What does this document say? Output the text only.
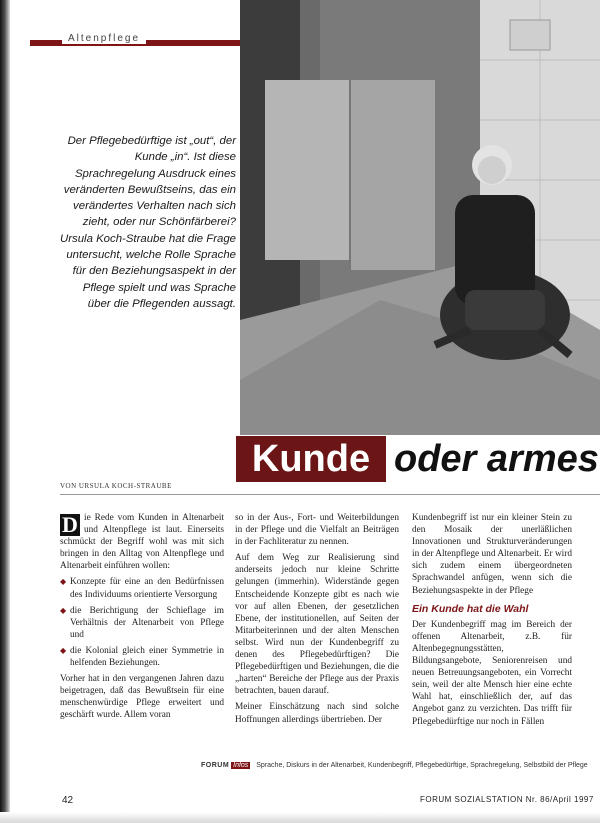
Altenpflege
Der Pflegebedürftige ist „out“, der Kunde „in“. Ist diese Sprachregelung Ausdruck eines veränderten Bewußtseins, das ein verändertes Verhalten nach sich zieht, oder nur Schönfärberei? Ursula Koch-Straube hat die Frage untersucht, welche Rolle Sprache für den Beziehungsaspekt in der Pflege spielt und was Sprache über die Pflegenden aussagt.
Kunde oder armes
VON URSULA KOCH-STRAUBE

D ie Rede vom Kunden in Altenarbeit und Altenpflege ist laut. Einerseits schmückt der Begriff wohl was mit sich bringen in den Alltag von Altenpflege und Altenarbeit einführen wollen:

◆ Konzepte für eine an den Bedürfnissen des Individuums orientierte Versorgung

◆ die Berichtigung der Schieflage im Verhältnis der Altenarbeit von Pflege und

◆ die Kolonial gleich einer Symmetrie in helfenden Beziehungen.

Vorher hat in den vergangenen Jahren dazu beigetragen, daß das Bewußtsein für eine menschenwürdige Pflege erweitert und geschärft wurde. Allem voran

so in der Aus-, Fort- und Weiterbildungen in der Pflege und die Vielfalt an Beiträgen in der Fachliteratur zu nennen.

Auf dem Weg zur Realisierung sind anderseits jedoch nur kleine Schritte gelungen (immerhin). Widerstände gegen Entscheidende Konzepte gibt es nach wie vor auf allen Ebenen, der gesetzlichen Ebene, der institutionellen, auf Seiten der Mitarbeiterinnen und der alten Menschen selbst. Wird nun der Kundenbegriff zu denen des Pflegebedürftigen? Die Pflegebedürftigen und Beziehungen, die die „harten“ Bereiche der Pflege aus der Praxis betrachten, bauen darauf.

Meiner Einschätzung nach sind solche Hoffnungen allerdings übertrieben. Der

Kundenbegriff ist nur ein kleiner Stein zu den Mosaik der unerläßlichen Innovationen und Strukturveränderungen in der Altenpflege und Altenarbeit. Er wird sich zudem einem übergeordneten Sprachwandel anfügen, wenn sich die Beziehungsaspekte in der Pflege

Ein Kunde hat die Wahl

Der Kundenbegriff mag im Bereich der offenen Altenarbeit, z.B. für Altenbegegnungsstätten, Bildungsangebote, Seniorenreisen und neuen Betreuungsangeboten, ein Vorrecht sein, weil der alte Mensch hier eine echte Wahl hat, einschließlich der, auf das Angebot ganz zu verzichten. Das trifft für Pflegebedürftige nur noch in Fällen

FORUM Infos Sprache, Diskurs in der Altenarbeit, Kundenbegriff, Pflegebedürftige, Sprachregelung, Selbstbild der Pflege
42	FORUM SOZIALSTATION Nr. 86/April 1997
